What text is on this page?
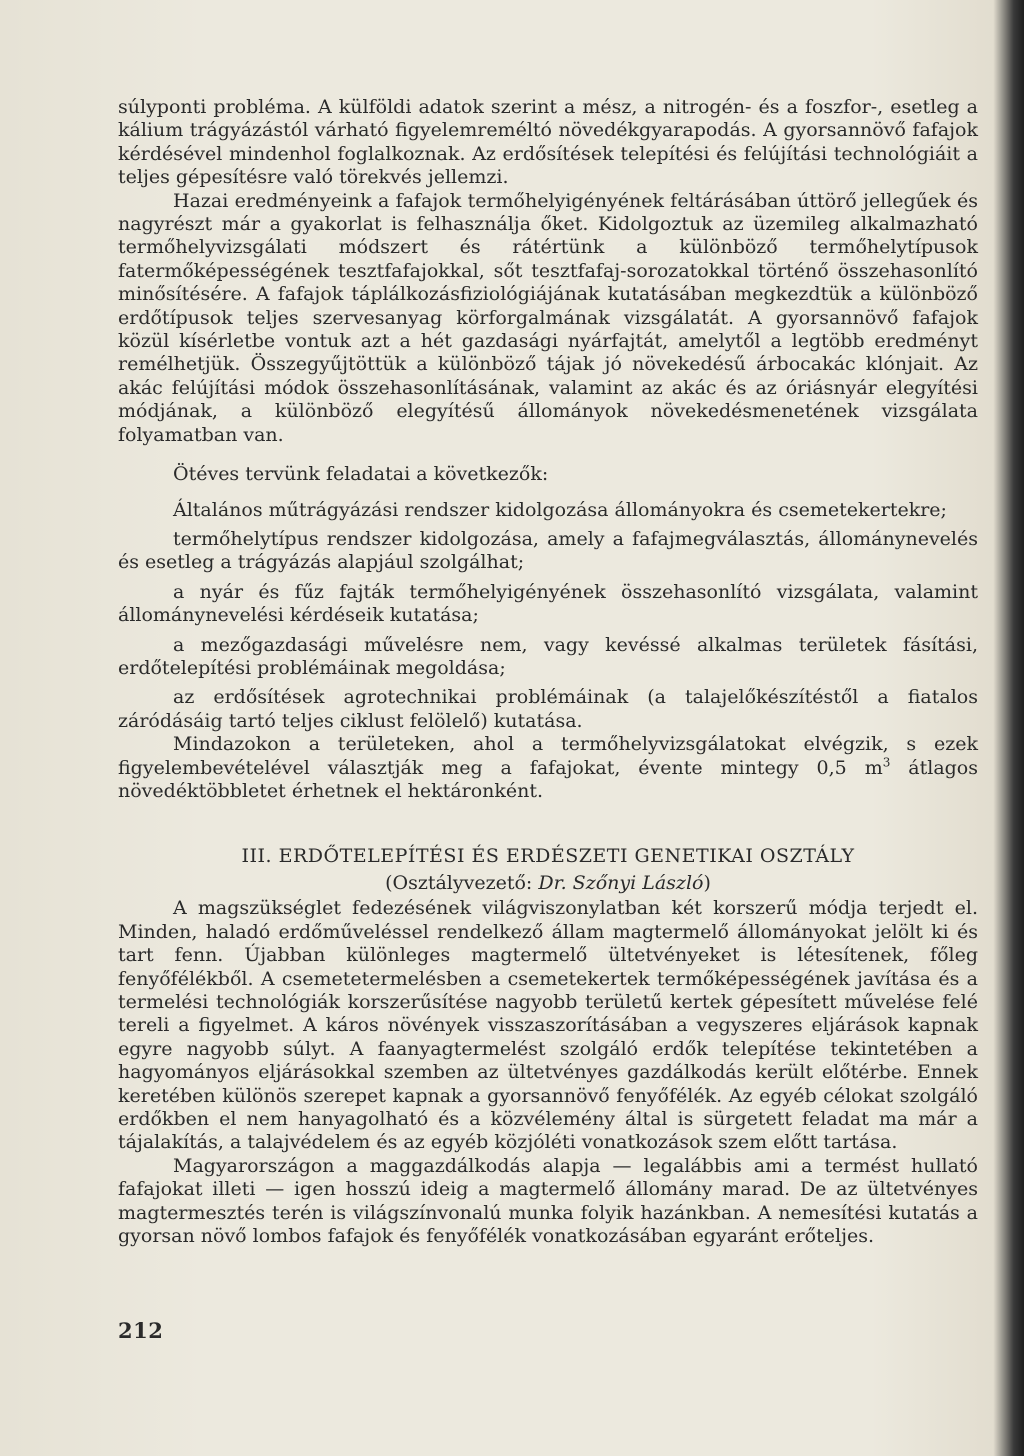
súlyponti probléma. A külföldi adatok szerint a mész, a nitrogén- és a foszfor-, esetleg a kálium trágyázástól várható figyelemreméltó növedékgyarapodás. A gyorsannövő fafajok kérdésével mindenhol foglalkoznak. Az erdősítések telepítési és felújítási technológiáit a teljes gépesítésre való törekvés jellemzi.

Hazai eredményeink a fafajok termőhelyigényének feltárásában úttörő jellegűek és nagyrészt már a gyakorlat is felhasználja őket. Kidolgoztuk az üzemileg alkalmazható termőhelyvizsgálati módszert és rátértünk a különböző termőhelytípusok fatermőképességének tesztfafajokkal, sőt tesztfafaj-sorozatokkal történő összehasonlító minősítésére. A fafajok táplálkozásfiziológiájának kutatásában megkezdtük a különböző erdőtípusok teljes szervesanyag körforgalmának vizsgálatát. A gyorsannövő fafajok közül kísérletbe vontuk azt a hét gazdasági nyárfajtát, amelytől a legtöbb eredményt remélhetjük. Összegyűjtöttük a különböző tájak jó növekedésű árbocakác klónjait. Az akác felújítási módok összehasonlításának, valamint az akác és az óriásnyár elegyítési módjának, a különböző elegyítésű állományok növekedésmenetének vizsgálata folyamatban van.

Ötéves tervünk feladatai a következők:

Általános műtrágyázási rendszer kidolgozása állományokra és csemetekertekre;

termőhelytípus rendszer kidolgozása, amely a fafajmegválasztás, állománynevelés és esetleg a trágyázás alapjául szolgálhat;

a nyár és fűz fajták termőhelyigényének összehasonlító vizsgálata, valamint állománynevelési kérdéseik kutatása;

a mezőgazdasági művelésre nem, vagy kevéssé alkalmas területek fásítási, erdőtelepítési problémáinak megoldása;

az erdősítések agrotechnikai problémáinak (a talajelőkészítéstől a fiatalos záródásáig tartó teljes ciklust felölelő) kutatása.

Mindazokon a területeken, ahol a termőhelyvizsgálatokat elvégzik, s ezek figyelembevételével választják meg a fafajokat, évente mintegy 0,5 $m^3$ átlagos növedéktöbbletet érhetnek el hektáronként.

III. ERDŐTELEPÍTÉSI ÉS ERDÉSZETI GENETIKAI OSZTÁLY

(Osztályvezető: Dr. Szőnyi László)

A magszükséglet fedezésének világviszonylatban két korszerű módja terjedt el. Minden, haladó erdőműveléssel rendelkező állam magtermelő állományokat jelölt ki és tart fenn. Újabban különleges magtermelő ültetvényeket is létesítenek, főleg fenyőfélékből. A csemetetermelésben a csemetekertek termőképességének javítása és a termelési technológiák korszerűsítése nagyobb területű kertek gépesített művelése felé tereli a figyelmet. A káros növények visszaszorításában a vegyszeres eljárások kapnak egyre nagyobb súlyt. A faanyagtermelést szolgáló erdők telepítése tekintetében a hagyományos eljárásokkal szemben az ültetvényes gazdálkodás került előtérbe. Ennek keretében különös szerepet kapnak a gyorsannövő fenyőfélék. Az egyéb célokat szolgáló erdőkben el nem hanyagolható és a közvélemény által is sürgetett feladat ma már a tájalakítás, a talajvédelem és az egyéb közjóléti vonatkozások szem előtt tartása.

Magyarországon a maggazdálkodás alapja — legalábbis ami a termést hullató fafajokat illeti — igen hosszú ideig a magtermelő állomány marad. De az ültetvényes magtermesztés terén is világszínvonalú munka folyik hazánkban. A nemesítési kutatás a gyorsan növő lombos fafajok és fenyőfélék vonatkozásában egyaránt erőteljes.

212
